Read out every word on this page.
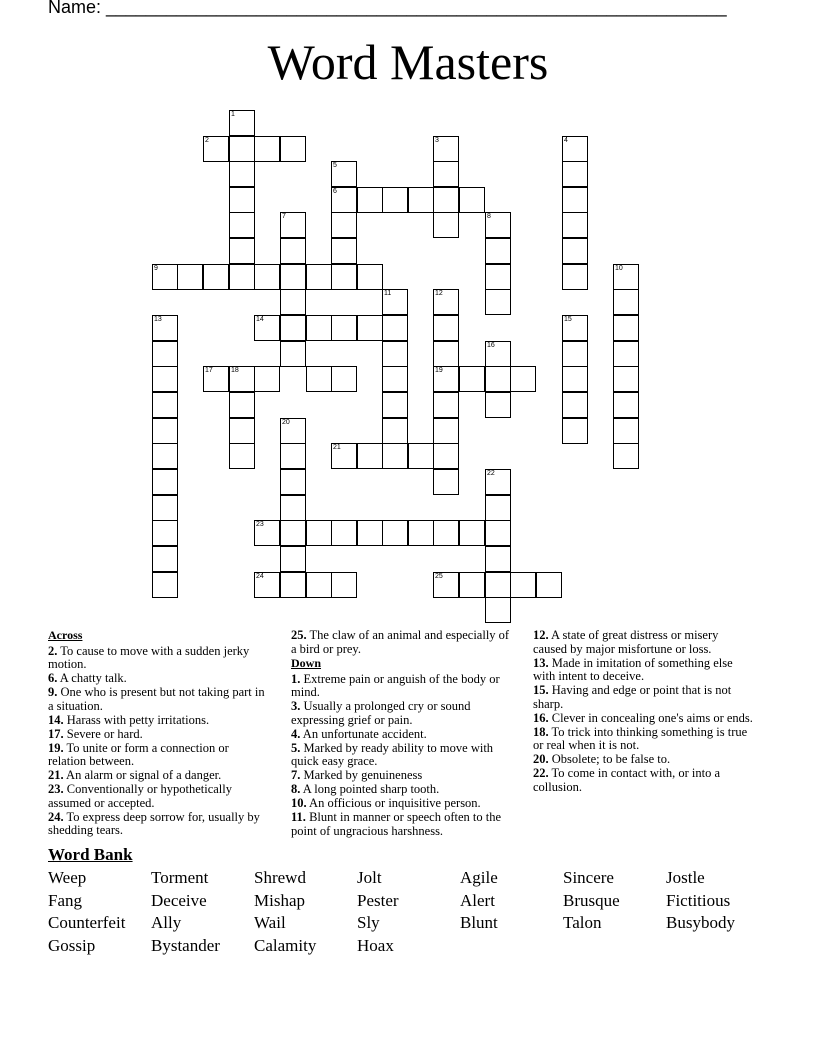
Name: ______________________________________________________________
Word Masters
1
2	3	4
5
6
7	8
9	10
11	12
13	14	15
16
17	18	19
20
21
22
23
24	25
Across
2. To cause to move with a sudden jerky motion.
6. A chatty talk.
9. One who is present but not taking part in a situation.
14. Harass with petty irritations.
17. Severe or hard.
19. To unite or form a connection or relation between.
21. An alarm or signal of a danger.
23. Conventionally or hypothetically assumed or accepted.
24. To express deep sorrow for, usually by shedding tears.
25. The claw of an animal and especially of a bird or prey.
Down
1. Extreme pain or anguish of the body or mind.
3. Usually a prolonged cry or sound expressing grief or pain.
4. An unfortunate accident.
5. Marked by ready ability to move with quick easy grace.
7. Marked by genuineness
8. A long pointed sharp tooth.
10. An officious or inquisitive person.
11. Blunt in manner or speech often to the point of ungracious harshness.
12. A state of great distress or misery caused by major misfortune or loss.
13. Made in imitation of something else with intent to deceive.
15. Having and edge or point that is not sharp.
16. Clever in concealing one's aims or ends.
18. To trick into thinking something is true or real when it is not.
20. Obsolete; to be false to.
22. To come in contact with, or into a collusion.
Word Bank
Weep	Torment	Shrewd	Jolt	Agile	Sincere	Jostle
Fang	Deceive	Mishap	Pester	Alert	Brusque	Fictitious
Counterfeit Ally	Wail	Sly	Blunt	Talon	Busybody
Gossip	Bystander Calamity Hoax
